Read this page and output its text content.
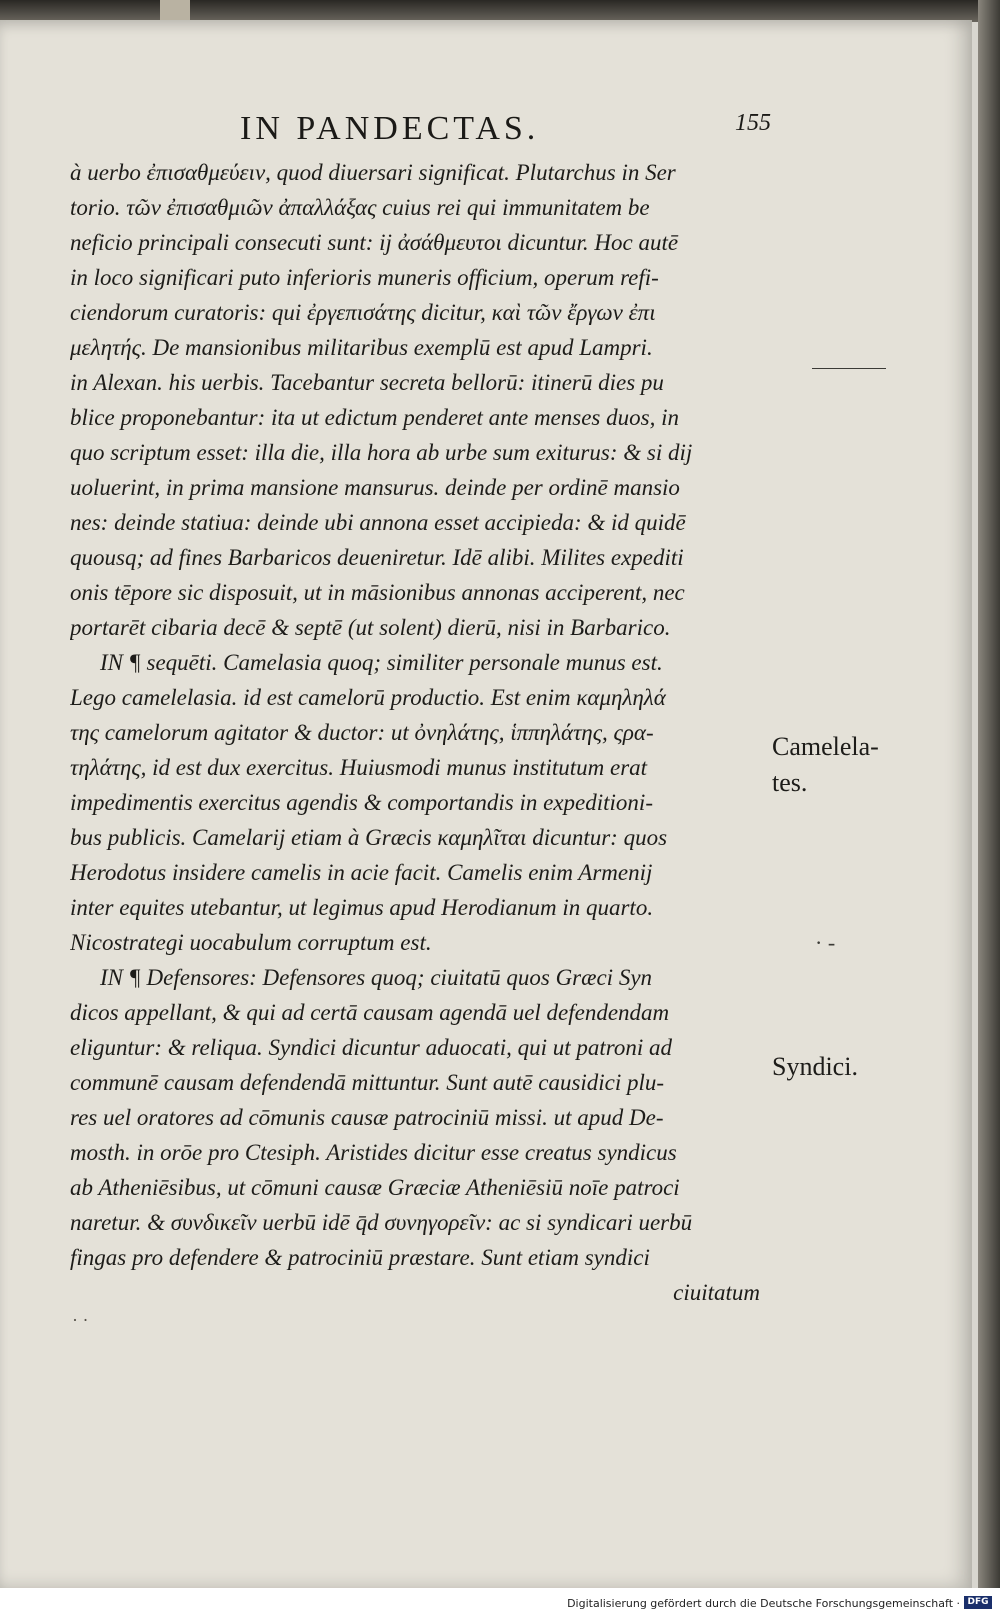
IN PANDECTAS.	155
à uerbo ἐπισαθμεύειν, quod diuersari significat. Plutarchus in Ser
torio. τῶν ἐπισαθμιῶν ἀπαλλάξας cuius rei qui immunitatem be
neficio principali consecuti sunt: ij ἀσάθμευτοι dicuntur. Hoc autē
in loco significari puto inferioris muneris officium, operum refi-
ciendorum curatoris: qui ἐργεπισάτης dicitur, καὶ τῶν ἔργων ἐπι
μελητής. De mansionibus militaribus exemplū est apud Lampri.
in Alexan. his uerbis. Tacebantur secreta bellorū: itinerū dies pu
blice proponebantur: ita ut edictum penderet ante menses duos, in
quo scriptum esset: illa die, illa hora ab urbe sum exiturus: & si dij
uoluerint, in prima mansione mansurus. deinde per ordinē mansio
nes: deinde statiua: deinde ubi annona esset accipieda: & id quidē
quousq; ad fines Barbaricos deueniretur. Idē alibi. Milites expediti
onis tēpore sic disposuit, ut in māsionibus annonas acciperent, nec
portarēt cibaria decē & septē (ut solent) dierū, nisi in Barbarico.
IN ¶ sequēti. Camelasia quoq; similiter personale munus est.
Lego camelelasia. id est camelorū productio. Est enim καμηληλά
της camelorum agitator & ductor: ut ὀνηλάτης, ἱππηλάτης, ςρα-
τηλάτης, id est dux exercitus. Huiusmodi munus institutum erat
impedimentis exercitus agendis & comportandis in expeditioni-
bus publicis. Camelarij etiam à Græcis καμηλῖται dicuntur: quos
Herodotus insidere camelis in acie facit. Camelis enim Armenij
inter equites utebantur, ut legimus apud Herodianum in quarto.
Nicostrategi uocabulum corruptum est.
IN ¶ Defensores: Defensores quoq; ciuitatū quos Græci Syn
dicos appellant, & qui ad certā causam agendā uel defendendam
eliguntur: & reliqua. Syndici dicuntur aduocati, qui ut patroni ad
communē causam defendendā mittuntur. Sunt autē causidici plu-
res uel oratores ad cōmunis causæ patrociniū missi. ut apud De-
mosth. in orōe pro Ctesiph. Aristides dicitur esse creatus syndicus
ab Atheniēsibus, ut cōmuni causæ Græciæ Atheniēsiū noīe patroci
naretur. & συνδικεῖν uerbū idē q̄d συνηγορεῖν: ac si syndicari uerbū
fingas pro defendere & patrociniū præstare. Sunt etiam syndici
ciuitatum
Camelela-
tes.
· -
Syndici.
· ·
Digitalisierung gefördert durch die Deutsche Forschungsgemeinschaft · DFG
